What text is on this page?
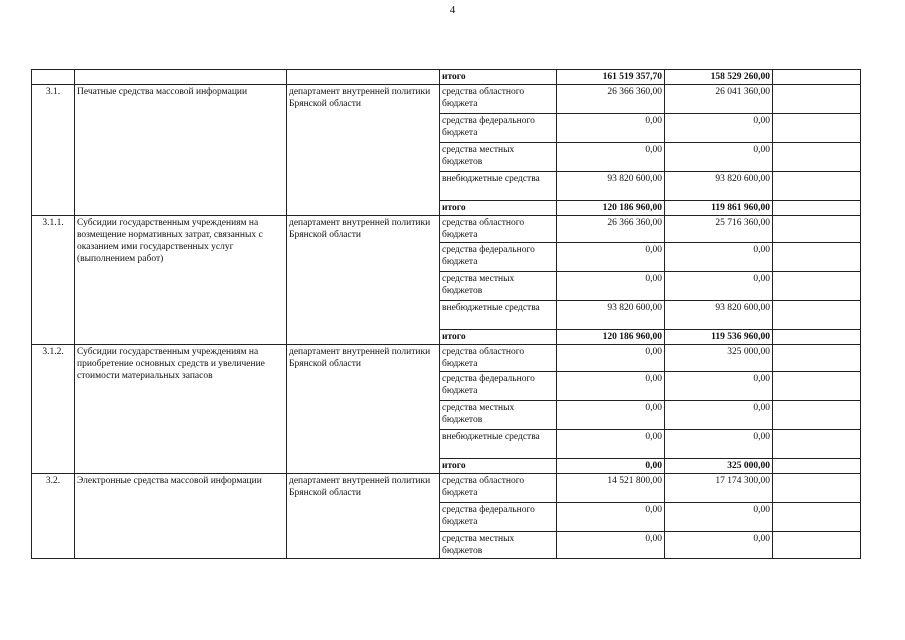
4
			итого	161 519 357,70	158 529 260,00	
3.1.	Печатные средства массовой информации	департамент внутренней политики Брянской области	средства областного бюджета	26 366 360,00	26 041 360,00	
			средства федерального бюджета	0,00	0,00	
			средства местных бюджетов	0,00	0,00	
			внебюджетные средства	93 820 600,00	93 820 600,00	
			итого	120 186 960,00	119 861 960,00	
3.1.1.	Субсидии государственным учреждениям на возмещение нормативных затрат, связанных с оказанием ими государственных услуг (выполнением работ)	департамент внутренней политики Брянской области	средства областного бюджета	26 366 360,00	25 716 360,00	
			средства федерального бюджета	0,00	0,00	
			средства местных бюджетов	0,00	0,00	
			внебюджетные средства	93 820 600,00	93 820 600,00	
			итого	120 186 960,00	119 536 960,00	
3.1.2.	Субсидии государственным учреждениям на приобретение основных средств и увеличение стоимости материальных запасов	департамент внутренней политики Брянской области	средства областного бюджета	0,00	325 000,00	
			средства федерального бюджета	0,00	0,00	
			средства местных бюджетов	0,00	0,00	
			внебюджетные средства	0,00	0,00	
			итого	0,00	325 000,00	
3.2.	Электронные средства массовой информации	департамент внутренней политики Брянской области	средства областного бюджета	14 521 800,00	17 174 300,00	
			средства федерального бюджета	0,00	0,00	
			средства местных бюджетов	0,00	0,00	
